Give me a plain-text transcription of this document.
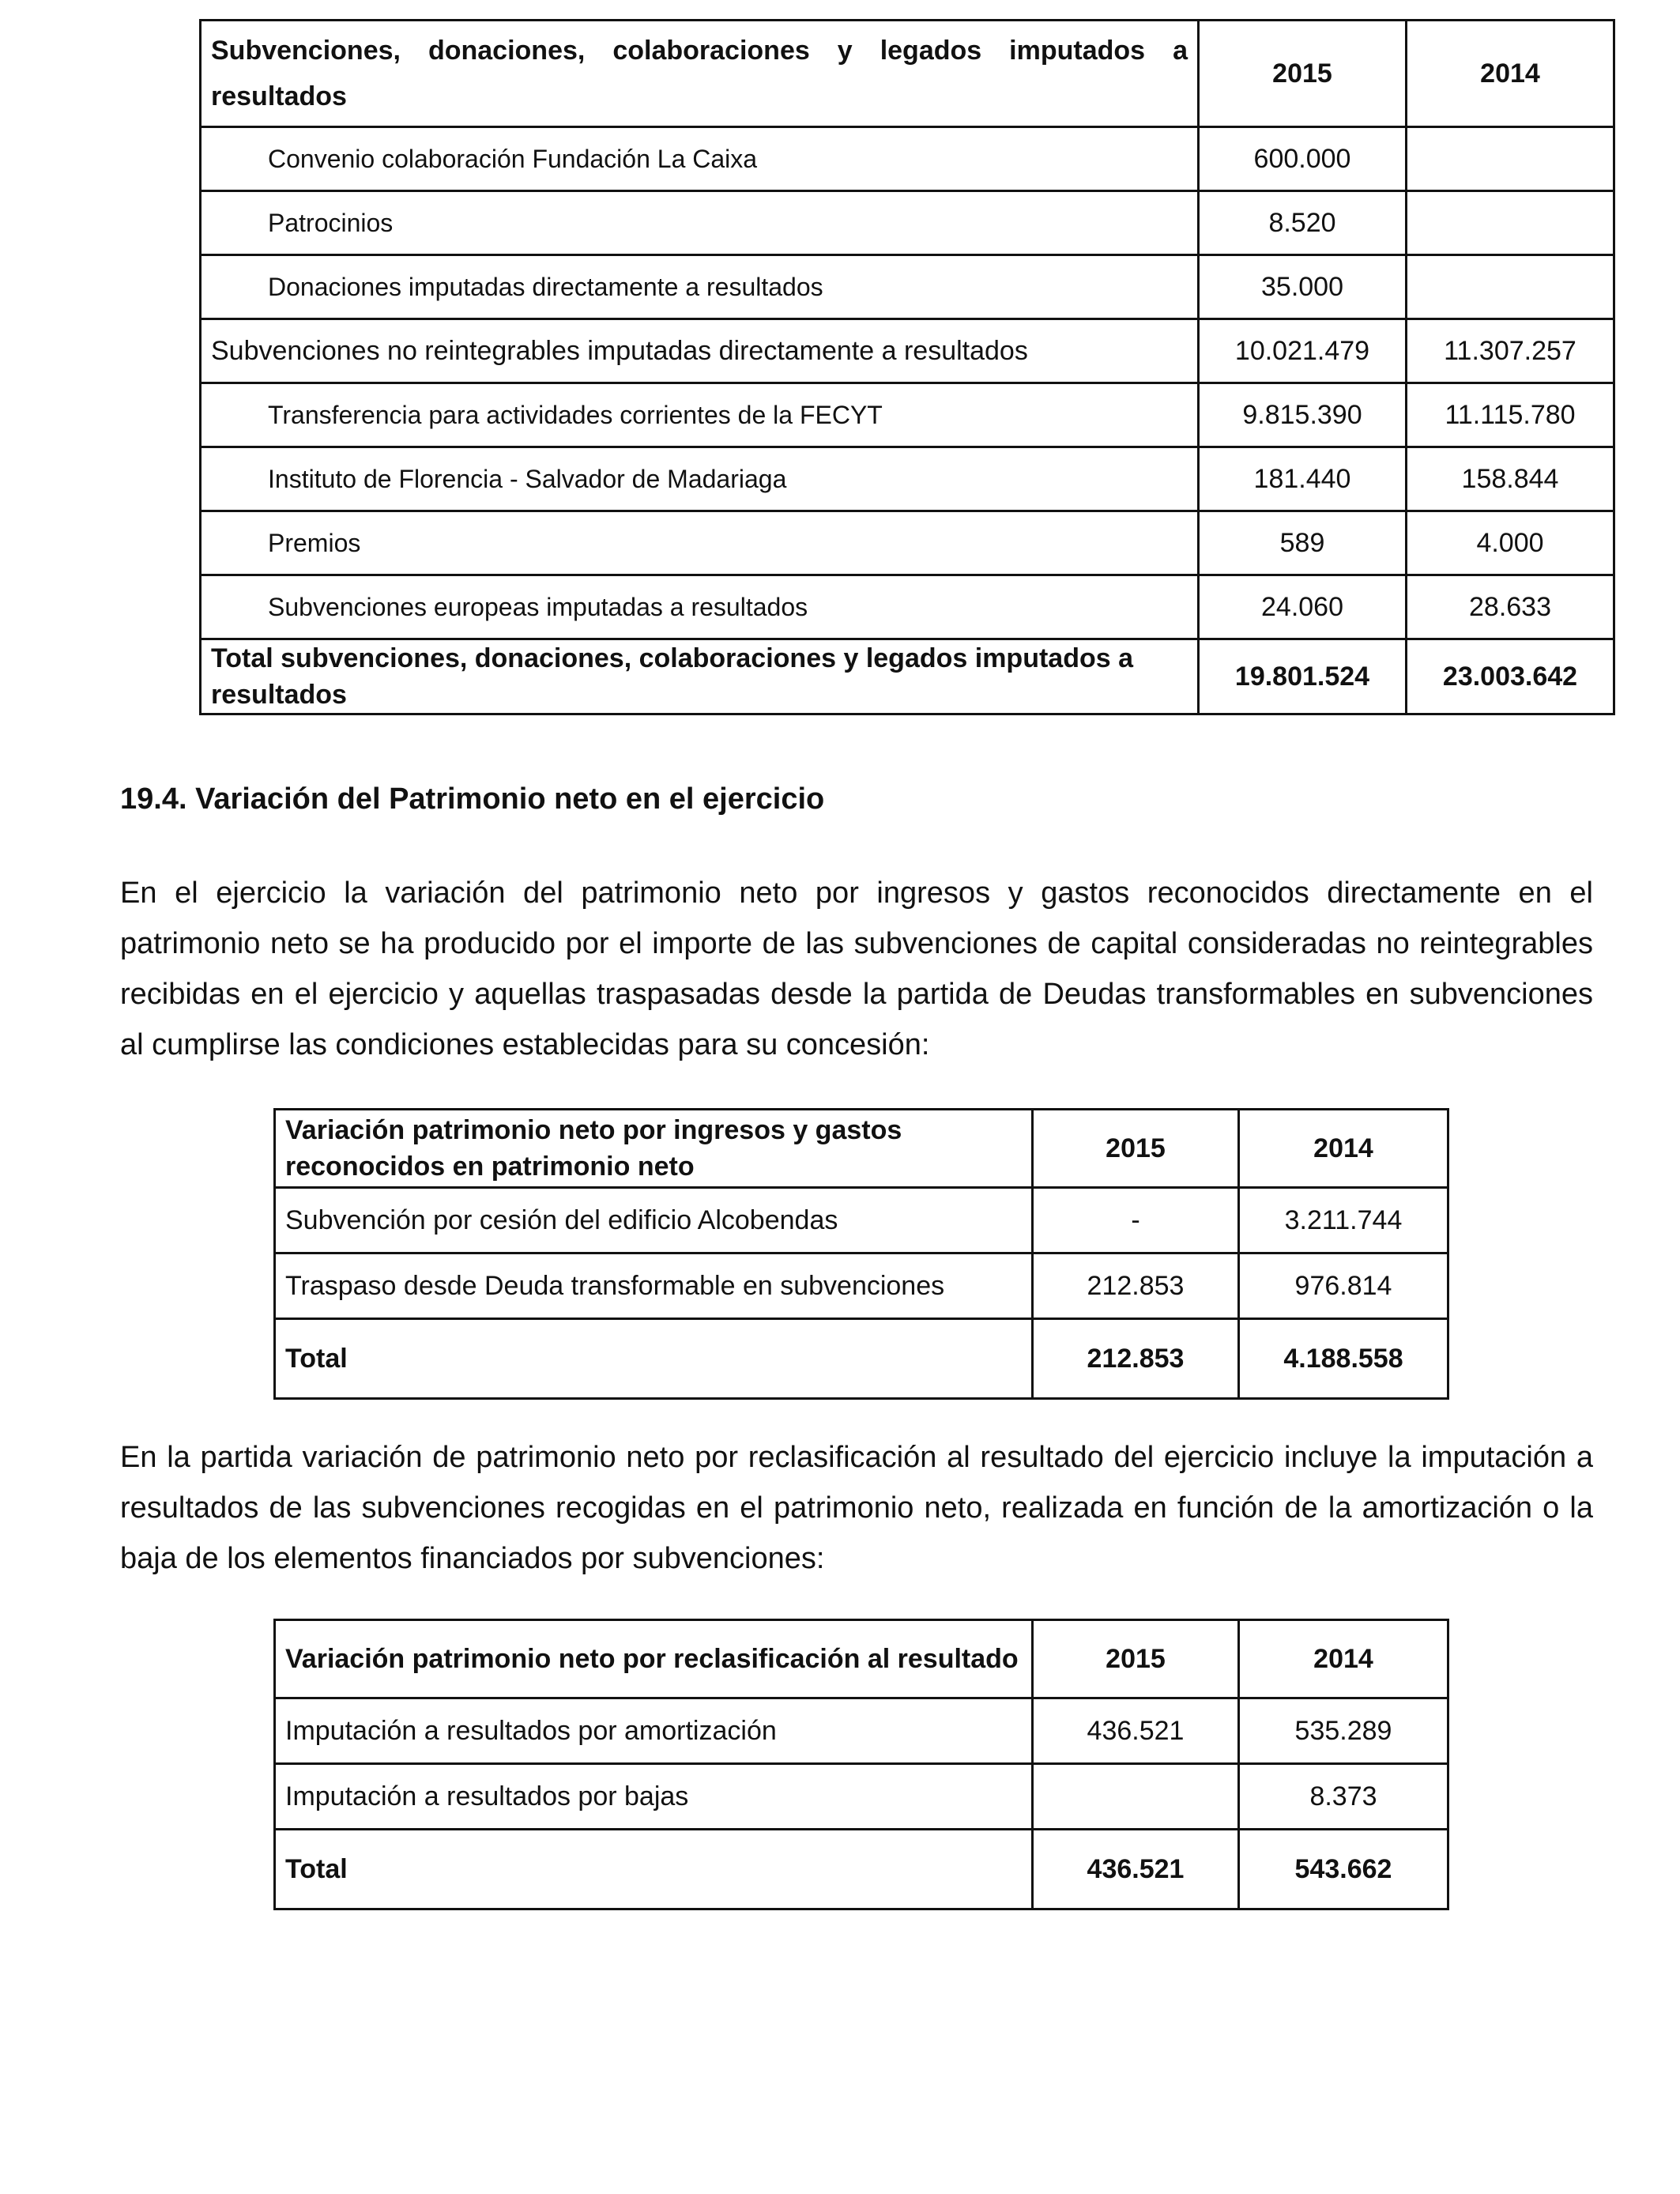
Subvenciones, donaciones, colaboraciones y legados imputados a resultados	2015	2014
Convenio colaboración Fundación La Caixa	600.000	
Patrocinios	8.520	
Donaciones imputadas directamente a resultados	35.000	
Subvenciones no reintegrables imputadas directamente a resultados	10.021.479	11.307.257
Transferencia para actividades corrientes de la FECYT	9.815.390	11.115.780
Instituto de Florencia - Salvador de Madariaga	181.440	158.844
Premios	589	4.000
Subvenciones europeas imputadas a resultados	24.060	28.633
Total subvenciones, donaciones, colaboraciones y legados imputados a resultados	19.801.524	23.003.642
19.4. Variación del Patrimonio neto en el ejercicio

En el ejercicio la variación del patrimonio neto por ingresos y gastos reconocidos directamente en el patrimonio neto se ha producido por el importe de las subvenciones de capital consideradas no reintegrables recibidas en el ejercicio y aquellas traspasadas desde la partida de Deudas transformables en subvenciones al cumplirse las condiciones establecidas para su concesión:

Variación patrimonio neto por ingresos y gastos reconocidos en patrimonio neto	2015	2014
Subvención por cesión del edificio Alcobendas	-	3.211.744
Traspaso desde Deuda transformable en subvenciones	212.853	976.814
Total	212.853	4.188.558

En la partida variación de patrimonio neto por reclasificación al resultado del ejercicio incluye la imputación a resultados de las subvenciones recogidas en el patrimonio neto, realizada en función de la amortización o la baja de los elementos financiados por subvenciones:

Variación patrimonio neto por reclasificación al resultado	2015	2014
Imputación a resultados por amortización	436.521	535.289
Imputación a resultados por bajas		8.373
Total	436.521	543.662
